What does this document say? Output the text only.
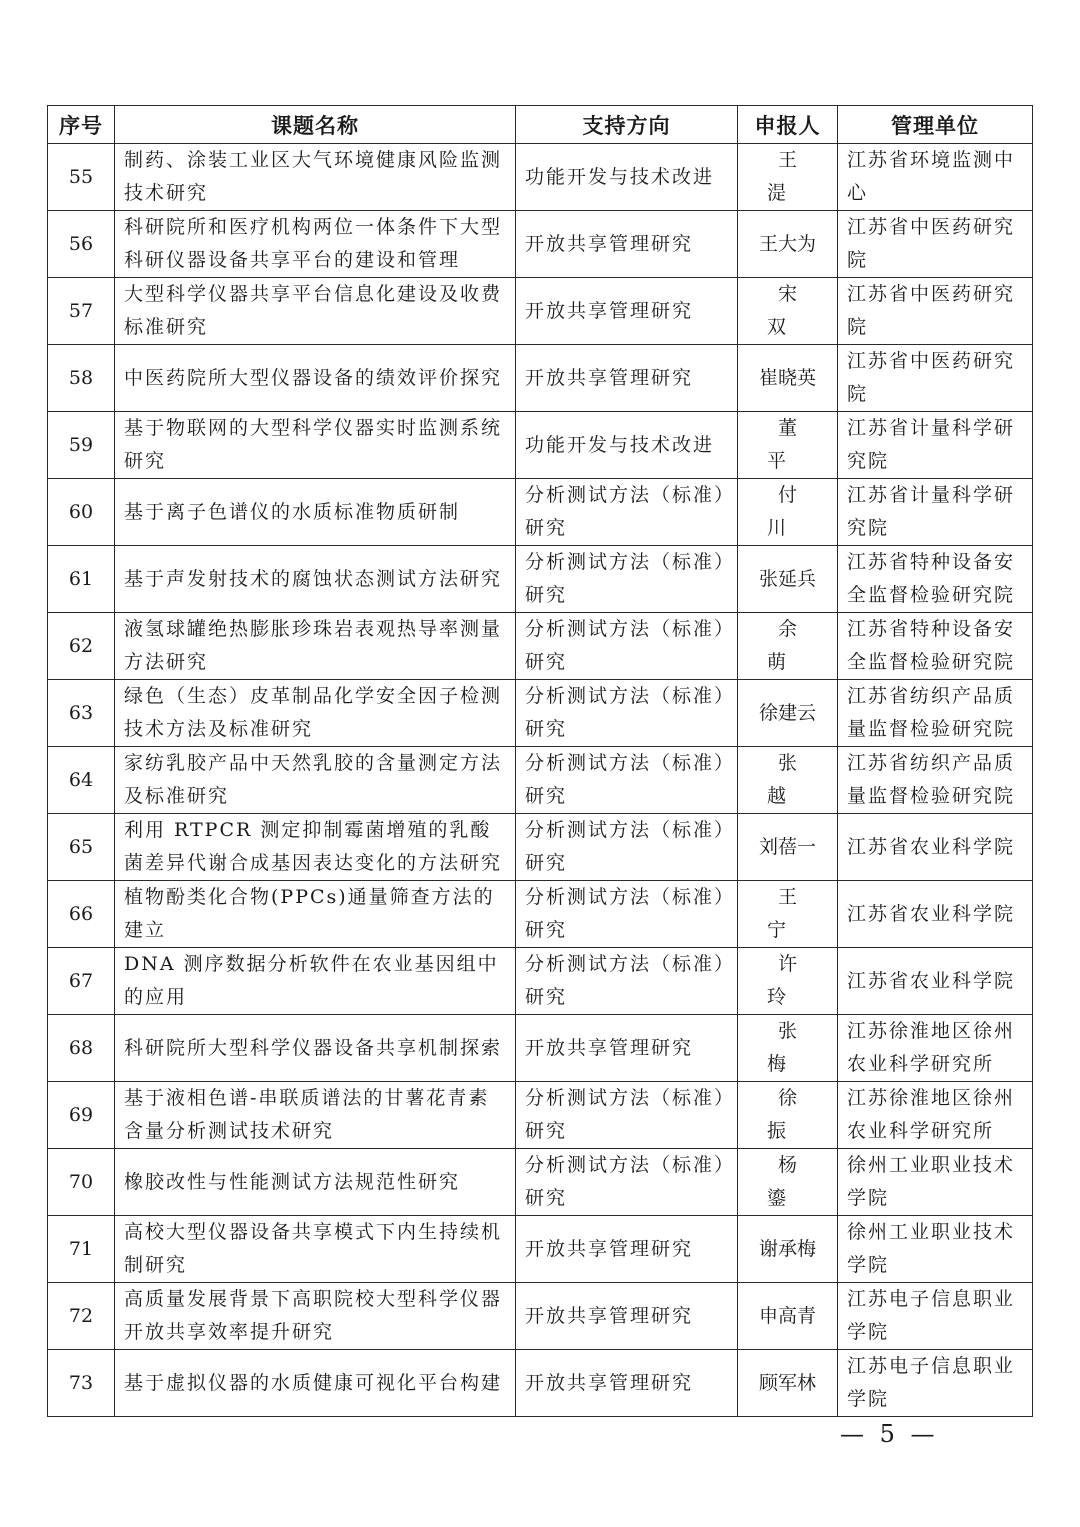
序号	课题名称	支持方向	申报人	管理单位
55	制药、涂装工业区大气环境健康风险监测技术研究	功能开发与技术改进	王 湜	江苏省环境监测中心
56	科研院所和医疗机构两位一体条件下大型科研仪器设备共享平台的建设和管理	开放共享管理研究	王大为	江苏省中医药研究院
57	大型科学仪器共享平台信息化建设及收费标准研究	开放共享管理研究	宋 双	江苏省中医药研究院
58	中医药院所大型仪器设备的绩效评价探究	开放共享管理研究	崔晓英	江苏省中医药研究院
59	基于物联网的大型科学仪器实时监测系统研究	功能开发与技术改进	董 平	江苏省计量科学研究院
60	基于离子色谱仪的水质标准物质研制	分析测试方法（标准）研究	付 川	江苏省计量科学研究院
61	基于声发射技术的腐蚀状态测试方法研究	分析测试方法（标准）研究	张延兵	江苏省特种设备安全监督检验研究院
62	液氢球罐绝热膨胀珍珠岩表观热导率测量方法研究	分析测试方法（标准）研究	余 萌	江苏省特种设备安全监督检验研究院
63	绿色（生态）皮革制品化学安全因子检测技术方法及标准研究	分析测试方法（标准）研究	徐建云	江苏省纺织产品质量监督检验研究院
64	家纺乳胶产品中天然乳胶的含量测定方法及标准研究	分析测试方法（标准）研究	张 越	江苏省纺织产品质量监督检验研究院
65	利用 RTPCR 测定抑制霉菌增殖的乳酸菌差异代谢合成基因表达变化的方法研究	分析测试方法（标准）研究	刘蓓一	江苏省农业科学院
66	植物酚类化合物(PPCs)通量筛查方法的建立	分析测试方法（标准）研究	王 宁	江苏省农业科学院
67	DNA 测序数据分析软件在农业基因组中的应用	分析测试方法（标准）研究	许 玲	江苏省农业科学院
68	科研院所大型科学仪器设备共享机制探索	开放共享管理研究	张 梅	江苏徐淮地区徐州农业科学研究所
69	基于液相色谱-串联质谱法的甘薯花青素含量分析测试技术研究	分析测试方法（标准）研究	徐 振	江苏徐淮地区徐州农业科学研究所
70	橡胶改性与性能测试方法规范性研究	分析测试方法（标准）研究	杨 鎏	徐州工业职业技术学院
71	高校大型仪器设备共享模式下内生持续机制研究	开放共享管理研究	谢承梅	徐州工业职业技术学院
72	高质量发展背景下高职院校大型科学仪器开放共享效率提升研究	开放共享管理研究	申高青	江苏电子信息职业学院
73	基于虚拟仪器的水质健康可视化平台构建	开放共享管理研究	顾军林	江苏电子信息职业学院
— 5 —
